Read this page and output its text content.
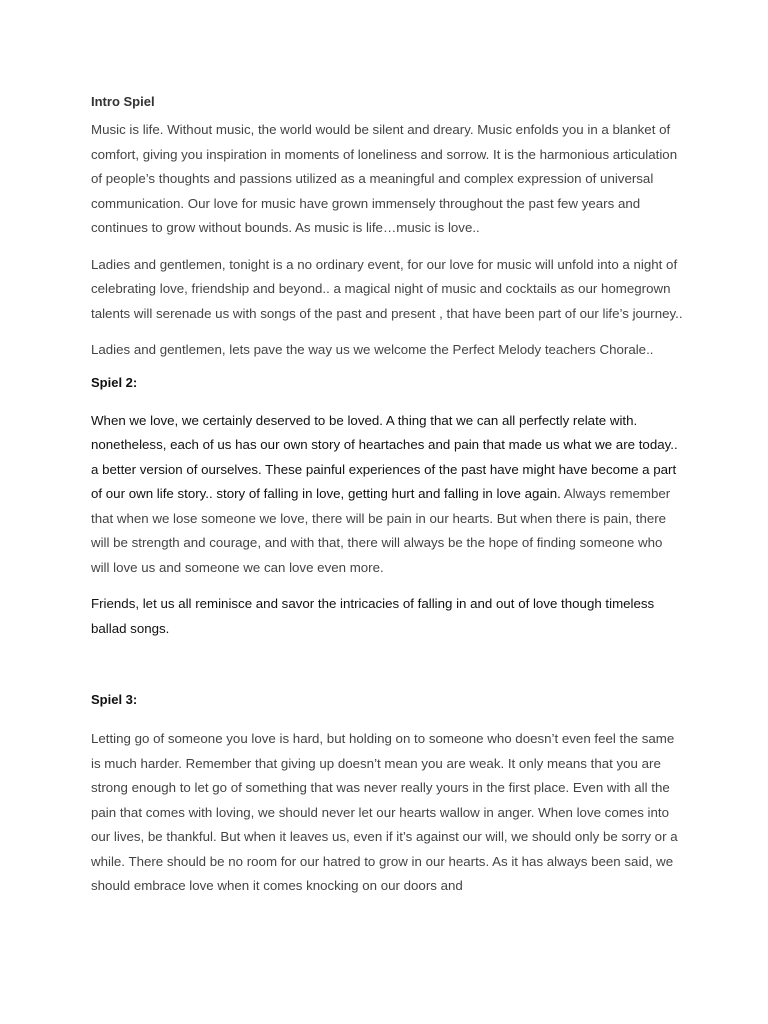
Intro Spiel

Music is life. Without music, the world would be silent and dreary. Music enfolds you in a blanket of comfort, giving you inspiration in moments of loneliness and sorrow. It is the harmonious articulation of people’s thoughts and passions utilized as a meaningful and complex expression of universal communication. Our love for music have grown immensely throughout the past few years and continues to grow without bounds. As music is life…music is love..

Ladies and gentlemen, tonight is a no ordinary event, for our love for music will unfold into a night of celebrating love, friendship and beyond.. a magical night of music and cocktails as our homegrown talents will serenade us with songs of the past and present , that have been part of our life’s journey..

Ladies and gentlemen, lets pave the way us we welcome the Perfect Melody teachers Chorale..

Spiel 2:

When we love, we certainly deserved to be loved. A thing that we can all perfectly relate with. nonetheless, each of us has our own story of heartaches and pain that made us what we are today.. a better version of ourselves. These painful experiences of the past have might have become a part of our own life story.. story of falling in love, getting hurt and falling in love again. Always remember that when we lose someone we love, there will be pain in our hearts. But when there is pain, there will be strength and courage, and with that, there will always be the hope of finding someone who will love us and someone we can love even more.

Friends, let us all reminisce and savor the intricacies of falling in and out of love though timeless ballad songs.

Spiel 3:

Letting go of someone you love is hard, but holding on to someone who doesn’t even feel the same is much harder. Remember that giving up doesn’t mean you are weak. It only means that you are strong enough to let go of something that was never really yours in the first place. Even with all the pain that comes with loving, we should never let our hearts wallow in anger. When love comes into our lives, be thankful. But when it leaves us, even if it’s against our will, we should only be sorry or a while. There should be no room for our hatred to grow in our hearts. As it has always been said, we should embrace love when it comes knocking on our doors and
